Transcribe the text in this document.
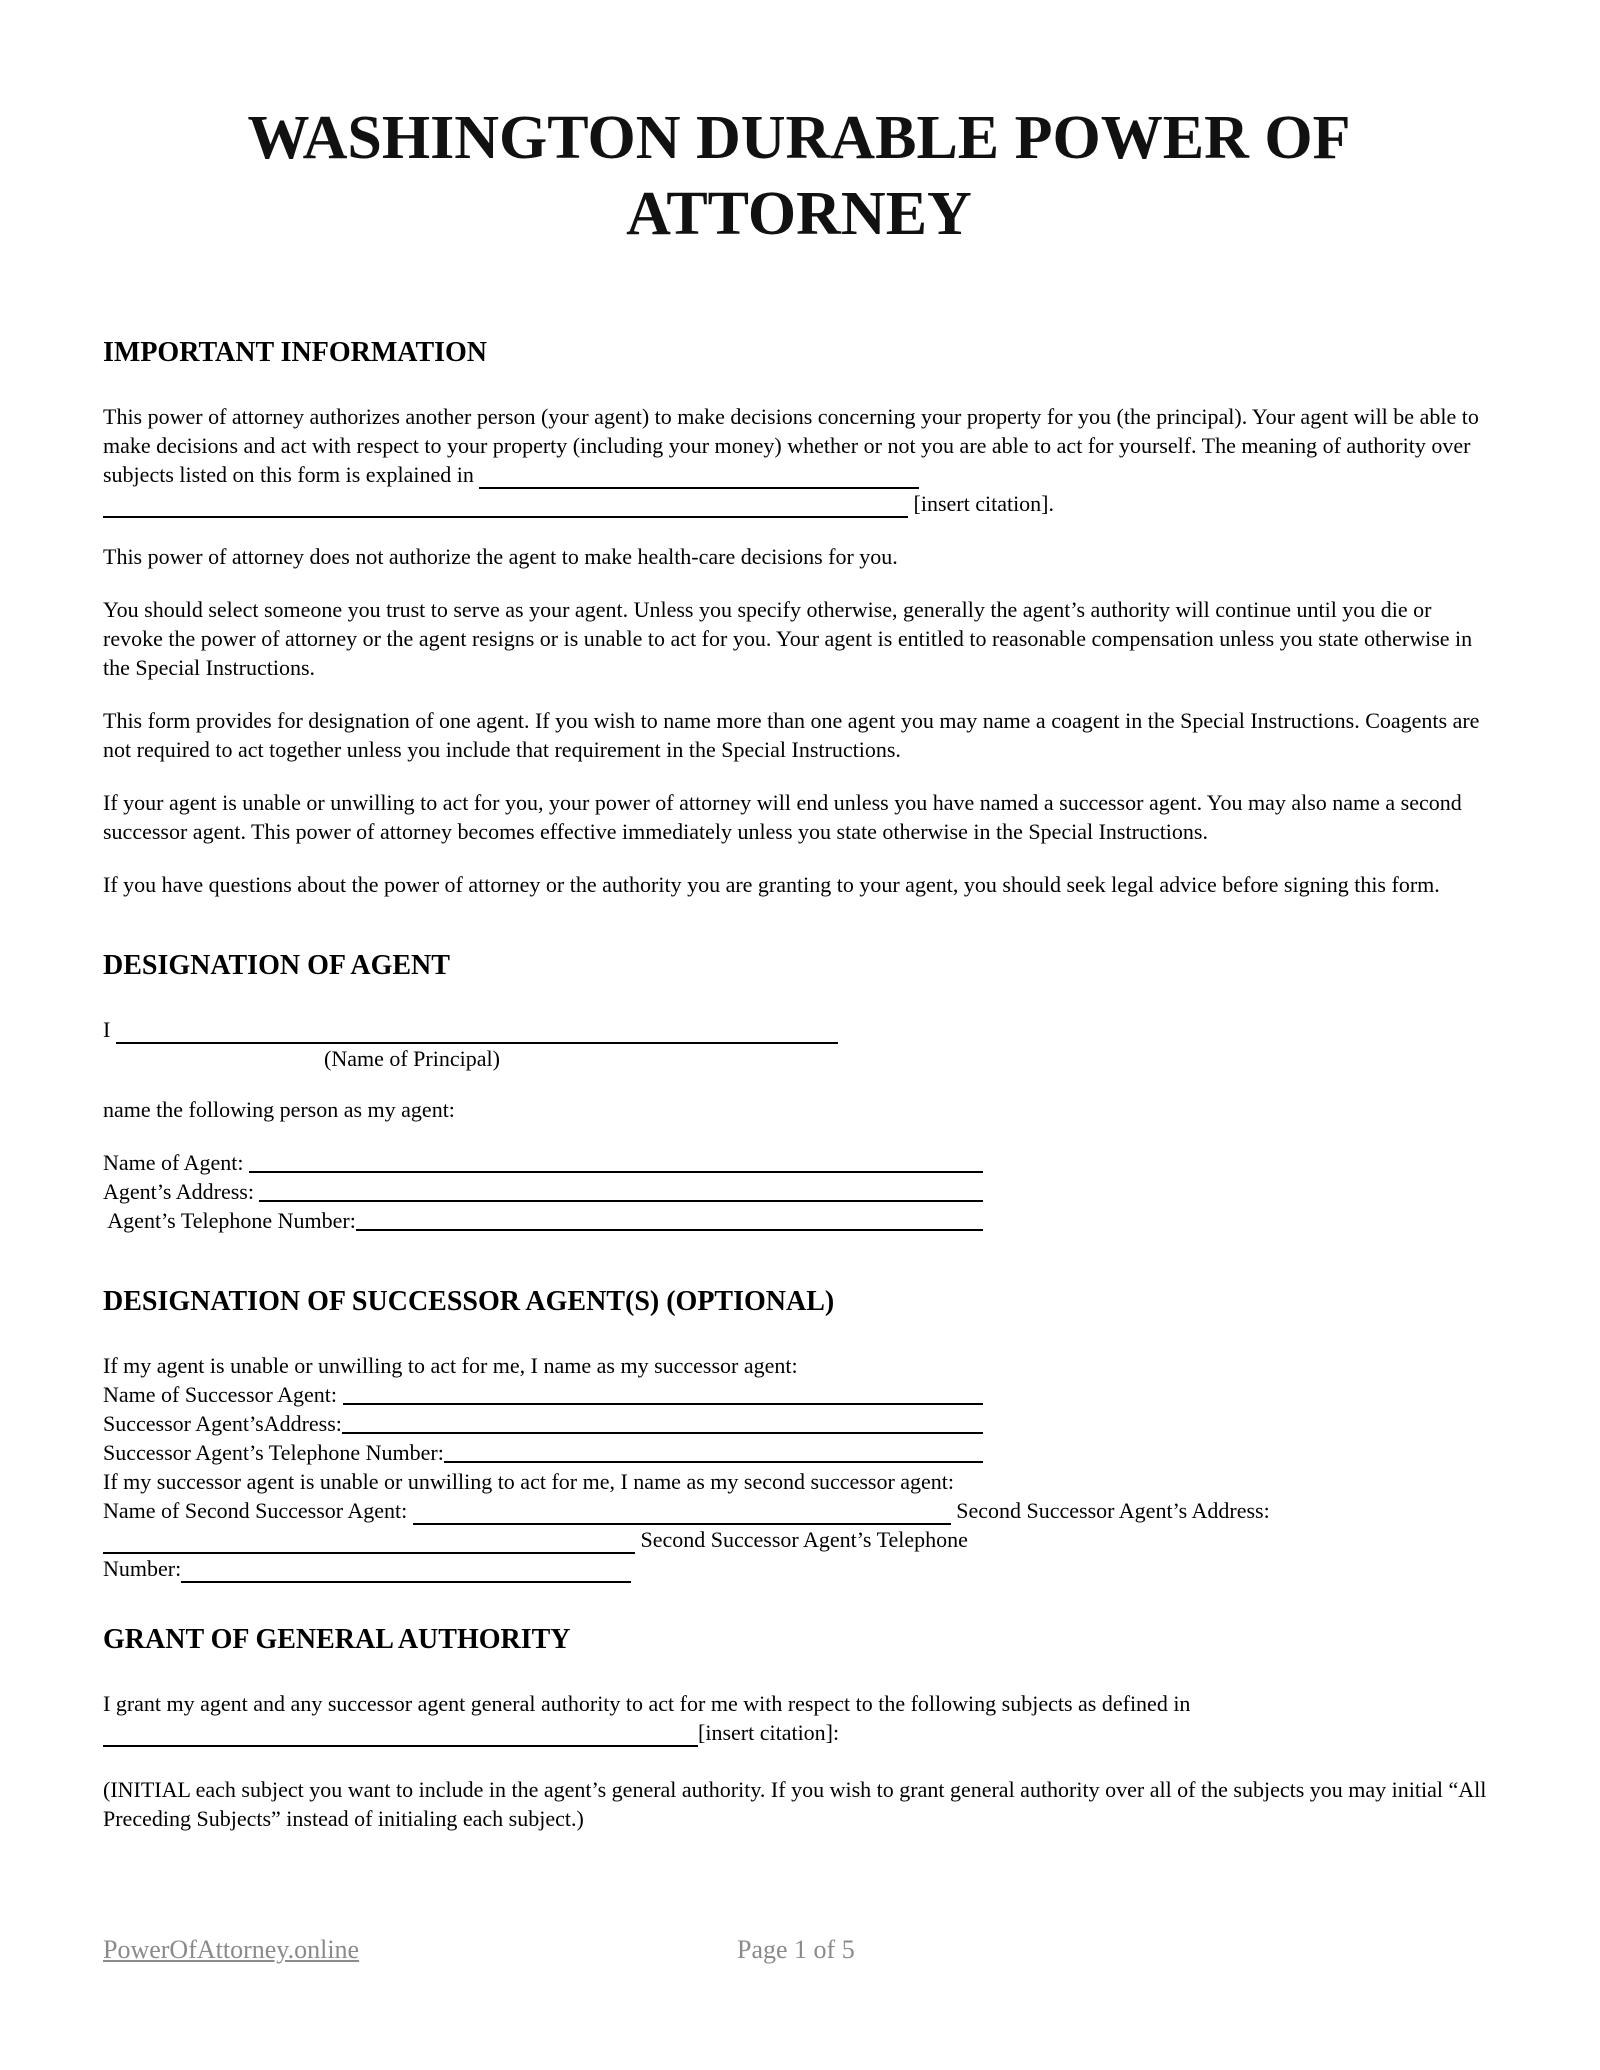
WASHINGTON DURABLE POWER OF ATTORNEY
IMPORTANT INFORMATION

This power of attorney authorizes another person (your agent) to make decisions concerning your property for you (the principal). Your agent will be able to make decisions and act with respect to your property (including your money) whether or not you are able to act for yourself. The meaning of authority over subjects listed on this form is explained in

[insert citation].

This power of attorney does not authorize the agent to make health-care decisions for you.

You should select someone you trust to serve as your agent. Unless you specify otherwise, generally the agent’s authority will continue until you die or revoke the power of attorney or the agent resigns or is unable to act for you. Your agent is entitled to reasonable compensation unless you state otherwise in the Special Instructions.

This form provides for designation of one agent. If you wish to name more than one agent you may name a coagent in the Special Instructions. Coagents are not required to act together unless you include that requirement in the Special Instructions.

If your agent is unable or unwilling to act for you, your power of attorney will end unless you have named a successor agent. You may also name a second successor agent. This power of attorney becomes effective immediately unless you state otherwise in the Special Instructions.

If you have questions about the power of attorney or the authority you are granting to your agent, you should seek legal advice before signing this form.

DESIGNATION OF AGENT
I
(Name of Principal)
name the following person as my agent:
Name of Agent:
Agent’s Address:
Agent’s Telephone Number:
DESIGNATION OF SUCCESSOR AGENT(S) (OPTIONAL)
If my agent is unable or unwilling to act for me, I name as my successor agent:
Name of Successor Agent:
Successor Agent’sAddress:
Successor Agent’s Telephone Number:
If my successor agent is unable or unwilling to act for me, I name as my second successor agent:
Name of Second Successor Agent:	Second Successor Agent’s Address:
Second Successor Agent’s Telephone
Number:
GRANT OF GENERAL AUTHORITY
I grant my agent and any successor agent general authority to act for me with respect to the following subjects as defined in
[insert citation]:

(INITIAL each subject you want to include in the agent’s general authority. If you wish to grant general authority over all of the subjects you may initial “All Preceding Subjects” instead of initialing each subject.)

PowerOfAttorney.online	Page 1 of 5
